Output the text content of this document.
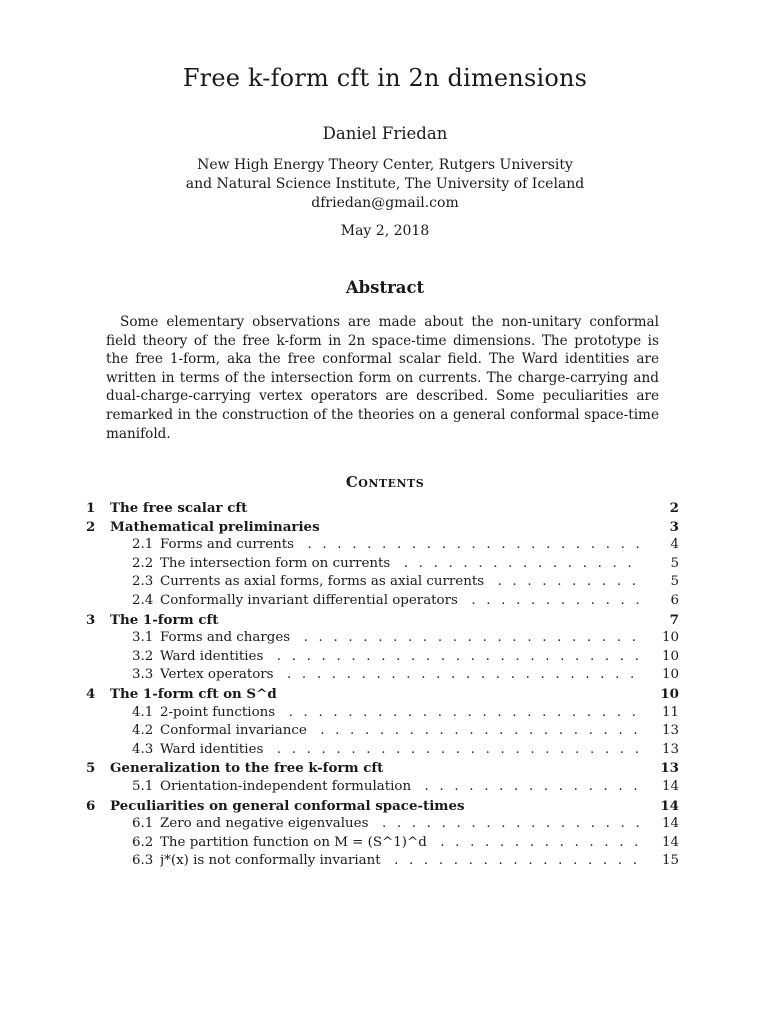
Free k-form cft in 2n dimensions
Daniel Friedan
New High Energy Theory Center, Rutgers University
and Natural Science Institute, The University of Iceland
dfriedan@gmail.com
May 2, 2018
Abstract
Some elementary observations are made about the non-unitary conformal field theory of the free k-form in 2n space-time dimensions. The prototype is the free 1-form, aka the free conformal scalar field. The Ward identities are written in terms of the intersection form on currents. The charge-carrying and dual-charge-carrying vertex operators are described. Some peculiarities are remarked in the construction of the theories on a general conformal space-time manifold.
Contents
1 The free scalar cft	2
2 Mathematical preliminaries	3
2.1 Forms and currents . . .	4
2.2 The intersection form on currents . . .	5
2.3 Currents as axial forms, forms as axial currents . . .	5
2.4 Conformally invariant differential operators . . .	6
3 The 1-form cft	7
3.1 Forms and charges . . .	10
3.2 Ward identities . . .	10
3.3 Vertex operators . . .	10
4 The 1-form cft on S^d	10
4.1 2-point functions . . .	11
4.2 Conformal invariance . . .	13
4.3 Ward identities . . .	13
5 Generalization to the free k-form cft	13
5.1 Orientation-independent formulation . . .	14
6 Peculiarities on general conformal space-times	14
6.1 Zero and negative eigenvalues . . .	14
6.2 The partition function on M = (S^1)^d . . .	14
6.3 j*(x) is not conformally invariant . . .	15
